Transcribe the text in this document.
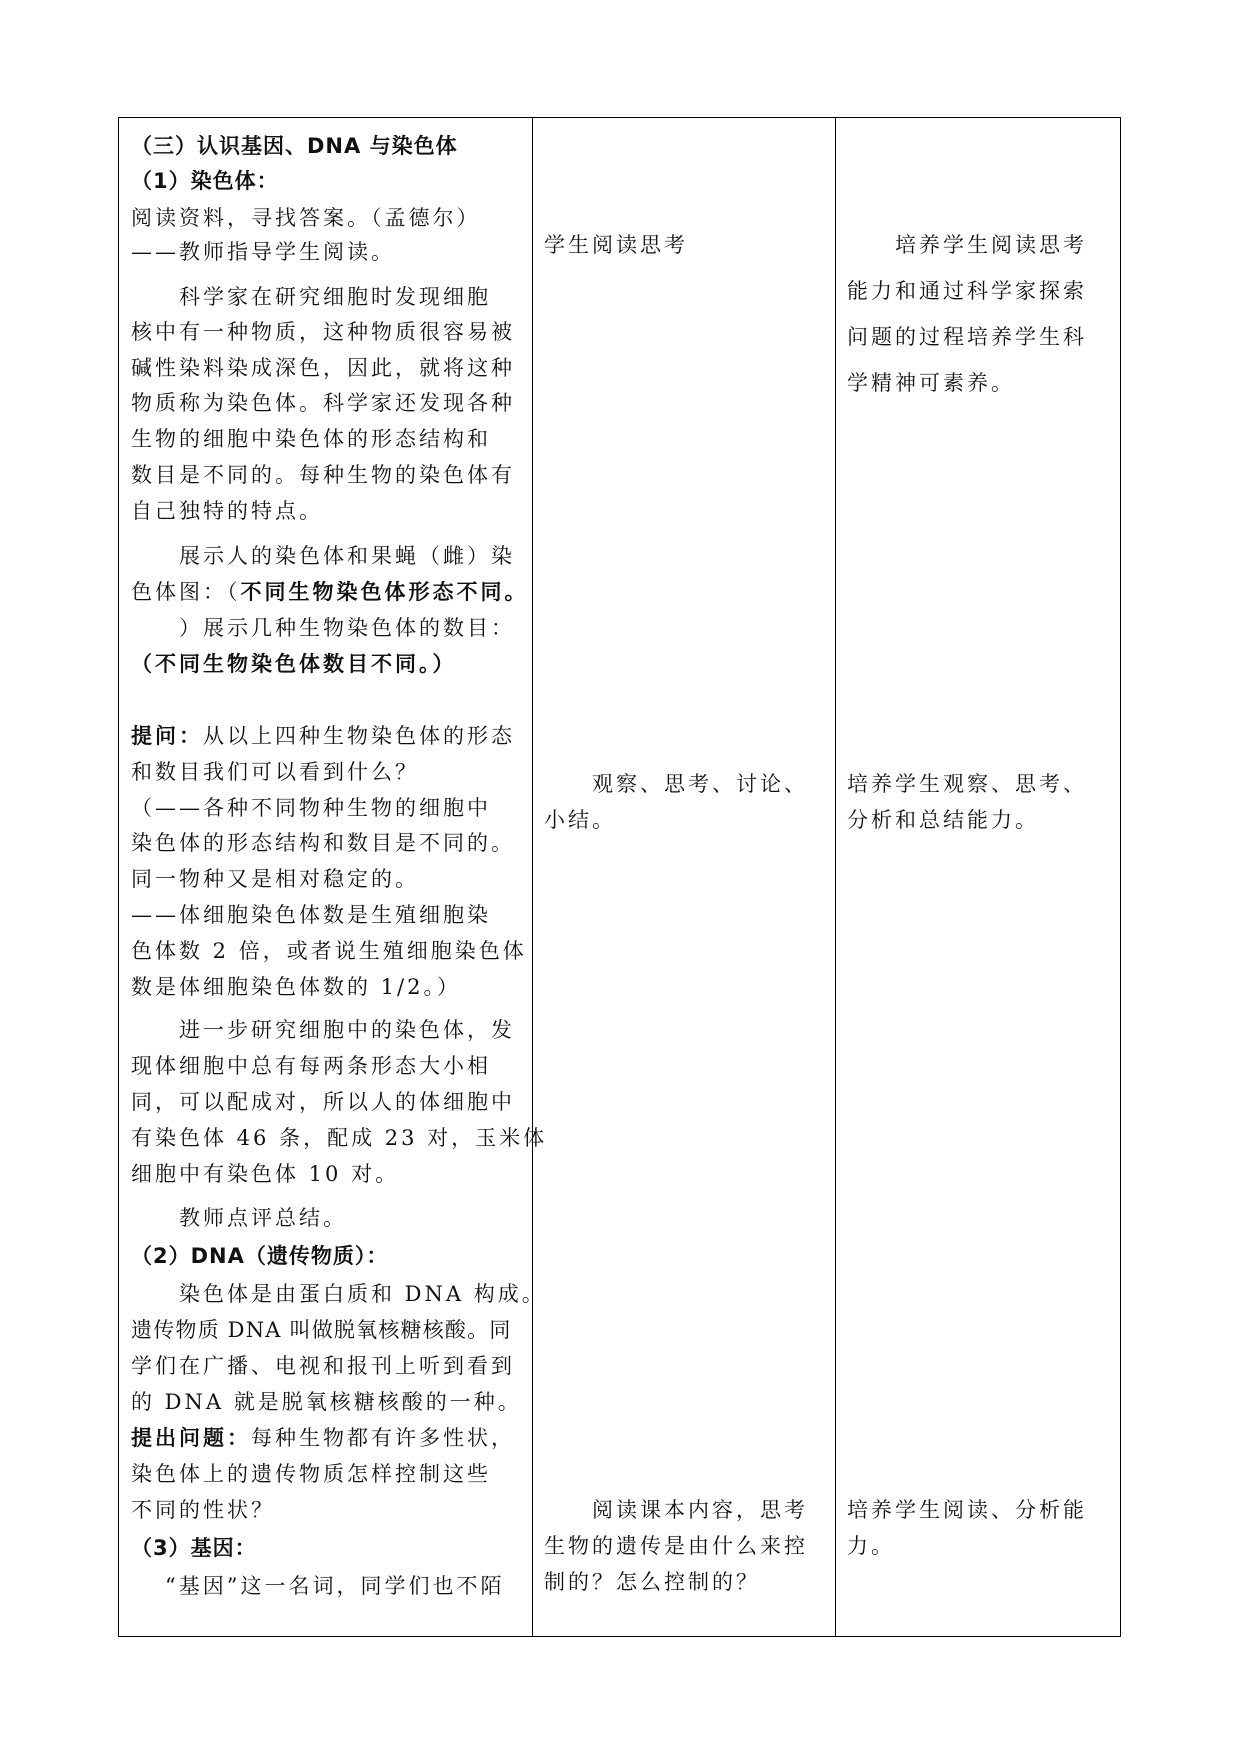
（三）认识基因、DNA 与染色体
（1）染色体：
阅读资料，寻找答案。（孟德尔）
——教师指导学生阅读。
科学家在研究细胞时发现细胞
核中有一种物质，这种物质很容易被
碱性染料染成深色，因此，就将这种
物质称为染色体。科学家还发现各种
生物的细胞中染色体的形态结构和
数目是不同的。每种生物的染色体有
自己独特的特点。
展示人的染色体和果蝇（雌）染
色体图：（不同生物染色体形态不同。
）展示几种生物染色体的数目：
（不同生物染色体数目不同。）
提问：从以上四种生物染色体的形态
和数目我们可以看到什么？
（——各种不同物种生物的细胞中
染色体的形态结构和数目是不同的。
同一物种又是相对稳定的。
——体细胞染色体数是生殖细胞染
色体数 2 倍，或者说生殖细胞染色体
数是体细胞染色体数的 1/2。）
进一步研究细胞中的染色体，发
现体细胞中总有每两条形态大小相
同，可以配成对，所以人的体细胞中
有染色体 46 条，配成 23 对，玉米体
细胞中有染色体 10 对。
教师点评总结。
（2）DNA（遗传物质）：
染色体是由蛋白质和 DNA 构成。
遗传物质 DNA 叫做脱氧核糖核酸。同
学们在广播、电视和报刊上听到看到
的 DNA 就是脱氧核糖核酸的一种。
提出问题：每种生物都有许多性状，
染色体上的遗传物质怎样控制这些
不同的性状？
（3）基因：
“基因”这一名词，同学们也不陌
学生阅读思考
观察、思考、讨论、
小结。
阅读课本内容，思考
生物的遗传是由什么来控
制的？怎么控制的？
培养学生阅读思考
能力和通过科学家探索
问题的过程培养学生科
学精神可素养。
培养学生观察、思考、
分析和总结能力。
培养学生阅读、分析能
力。
